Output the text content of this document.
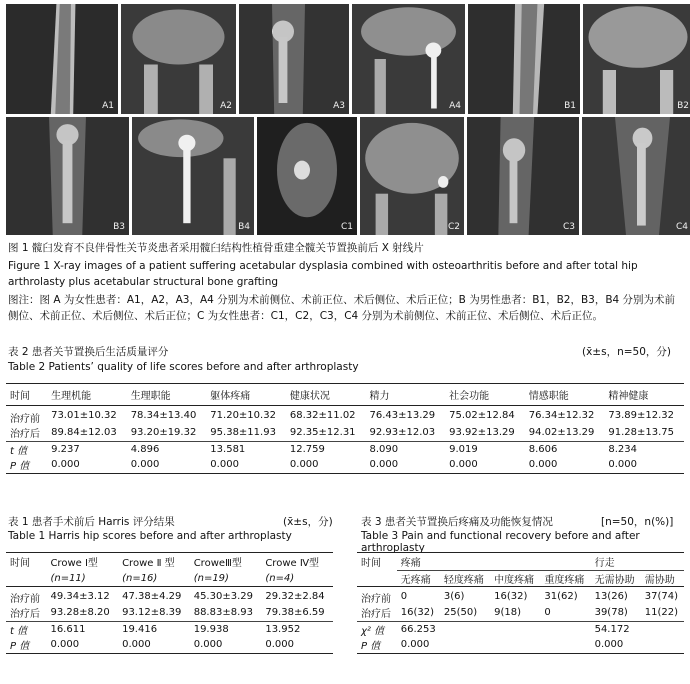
A1	A2	A3	A4	B1	B2
B3	B4	C1	C2	C3	C4
图 1 髋臼发育不良伴骨性关节炎患者采用髋臼结构性植骨重建全髋关节置换前后 X 射线片
Figure 1 X-ray images of a patient suffering acetabular dysplasia combined with osteoarthritis before and after total hip arthrolasty plus acetabular structural bone grafting
图注：图 A 为女性患者：A1，A2，A3，A4 分别为术前侧位、术前正位、术后侧位、术后正位；B 为男性患者：B1，B2，B3，B4 分别为术前侧位、术前正位、术后侧位、术后正位；C 为女性患者：C1，C2，C3，C4 分别为术前侧位、术前正位、术后侧位、术后正位。
表 2 患者关节置换后生活质量评分	(x̄±s，n=50，分)
Table 2 Patients’ quality of life scores before and after arthroplasty
时间	生理机能	生理职能	躯体疼痛	健康状况	精力	社会功能	情感职能	精神健康
治疗前	73.01±10.32	78.34±13.40	71.20±10.32	68.32±11.02	76.43±13.29	75.02±12.84	76.34±12.32	73.89±12.32
治疗后	89.84±12.03	93.20±19.32	95.38±11.93	92.35±12.31	92.93±12.03	93.92±13.29	94.02±13.29	91.28±13.75
t 值	9.237	4.896	13.581	12.759	8.090	9.019	8.606	8.234
P 值	0.000	0.000	0.000	0.000	0.000	0.000	0.000	0.000
表 1 患者手术前后 Harris 评分结果	(x̄±s，分)
Table 1 Harris hip scores before and after arthroplasty
时间	Crowe Ⅰ型	Crowe Ⅱ 型	CroweⅢ型	Crowe Ⅳ型
	(n=11)	(n=16)	(n=19)	(n=4)
治疗前	49.34±3.12	47.38±4.29	45.30±3.29	29.32±2.84
治疗后	93.28±8.20	93.12±8.39	88.83±8.93	79.38±6.59
t 值	16.611	19.416	19.938	13.952
P 值	0.000	0.000	0.000	0.000
表 3 患者关节置换后疼痛及功能恢复情况	[n=50，n(%)]
Table 3 Pain and functional recovery before and after arthroplasty
时间	疼痛				行走	
	无疼痛	轻度疼痛	中度疼痛	重度疼痛	无需协助	需协助
治疗前	0	3(6)	16(32)	31(62)	13(26)	37(74)
治疗后	16(32)	25(50)	9(18)	0	39(78)	11(22)
χ² 值	66.253				54.172	
P 值	0.000				0.000	
